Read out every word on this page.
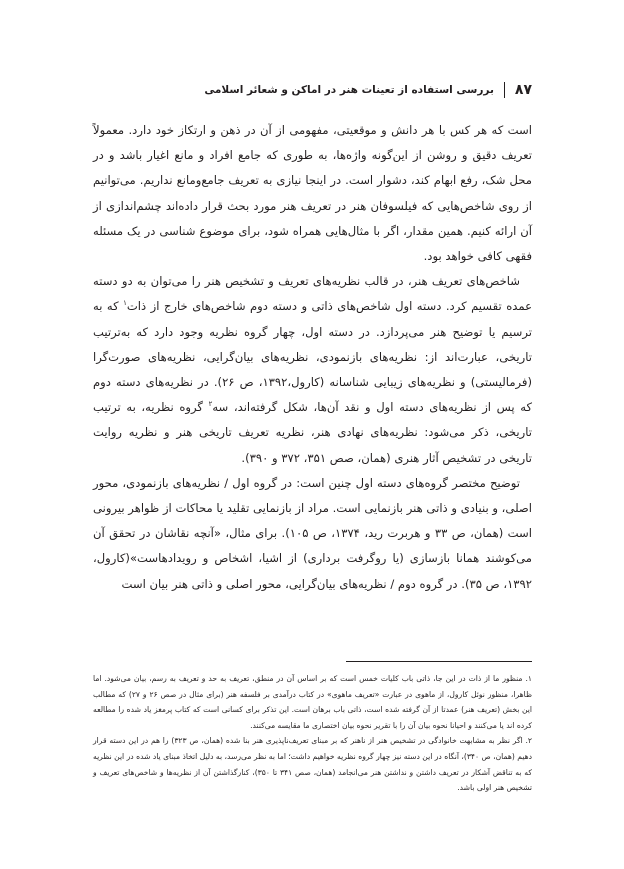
۸۷
بررسی استفاده از تعینات هنر در اماکن و شعائر اسلامی

است که هر کس با هر دانش و موقعیتی، مفهومی از آن در ذهن و ارتکاز خود دارد. معمولاً تعریف دقیق و روشن از این‌گونه واژه‌ها، به طوری که جامع افراد و مانع اغیار باشد و در محل شک، رفع ابهام کند، دشوار است. در اینجا نیازی به تعریف جامع‌ومانع نداریم. می‌توانیم از روی شاخص‌هایی که فیلسوفان هنر در تعریف هنر مورد بحث قرار داده‌اند چشم‌اندازی از آن ارائه کنیم. همین مقدار، اگر با مثال‌هایی همراه شود، برای موضوع شناسی در یک مسئله فقهی کافی خواهد بود.

شاخص‌های تعریف هنر، در قالب نظریه‌های تعریف و تشخیص هنر را می‌توان به دو دسته عمده تقسیم کرد. دسته اول شاخص‌های ذاتی و دسته دوم شاخص‌های خارج از ذات$^۱$ که به ترسیم یا توضیح هنر می‌پردازد. در دسته اول، چهار گروه نظریه وجود دارد که به‌ترتیب تاریخی، عبارت‌اند از: نظریه‌های بازنمودی، نظریه‌های بیان‌گرایی، نظریه‌های صورت‌گرا (فرمالیستی) و نظریه‌های زیبایی شناسانه (کارول،۱۳۹۲، ص ۲۶). در نظریه‌های دسته دوم که پس از نظریه‌های دسته اول و نقد آن‌ها، شکل گرفته‌اند، سه$^۲$ گروه نظریه، به ترتیب تاریخی، ذکر می‌شود: نظریه‌های نهادی هنر، نظریه تعریف تاریخی هنر و نظریه روایت تاریخی در تشخیص آثار هنری (همان، صص ۳۵۱، ۳۷۲ و ۳۹۰).

توضیح مختصر گروه‌های دسته اول چنین است: در گروه اول / نظریه‌های بازنمودی، محور اصلی، و بنیادی و ذاتی هنر بازنمایی است. مراد از بازنمایی تقلید یا محاکات از ظواهر بیرونی است (همان، ص ۳۳ و هربرت رید، ۱۳۷۴، ص ۱۰۵). برای مثال، «آنچه نقاشان در تحقق آن می‌کوشند همانا بازسازی (یا روگرفت برداری) از اشیا، اشخاص و رویدادهاست»(کارول، ۱۳۹۲، ص ۳۵). در گروه دوم / نظریه‌های بیان‌گرایی، محور اصلی و ذاتی هنر بیان است

۱. منظور ما از ذات در این جا، ذاتی باب کلیات خمس است که بر اساس آن در منطق، تعریف به حد و تعریف به رسم، بیان می‌شود. اما ظاهرا، منظور نوئل کارول، از ماهوی در عبارت «تعریف ماهوی» در کتاب درآمدی بر فلسفه هنر (برای مثال در صص ۲۶ و ۲۷) که مطالب این بخش (تعریف هنر) عمدتا از آن گرفته شده است، ذاتی باب برهان است. این تذکر برای کسانی است که کتاب پرمغز یاد شده را مطالعه کرده اند یا می‌کنند و احیانا نحوه بیان آن را با تقریر نحوه بیان اختصاری ما مقایسه می‌کنند.

۲. اگر نظر به مشابهت خانوادگی در تشخیص هنر از ناهنر که بر مبنای تعریف‌ناپذیری هنر بنا شده (همان، ص ۳۲۳) را هم در این دسته قرار دهیم (همان، ص ۳۴۰)، آنگاه در این دسته نیز چهار گروه نظریه خواهیم داشت؛ اما به نظر می‌رسد، به دلیل اتخاذ مبنای یاد شده در این نظریه که به تناقض آشکار در تعریف داشتن و نداشتن هنر می‌انجامد (همان، صص ۳۴۱ تا ۳۵۰)، کنارگذاشتن آن از نظریه‌ها و شاخص‌های تعریف و تشخیص هنر اولی باشد.
